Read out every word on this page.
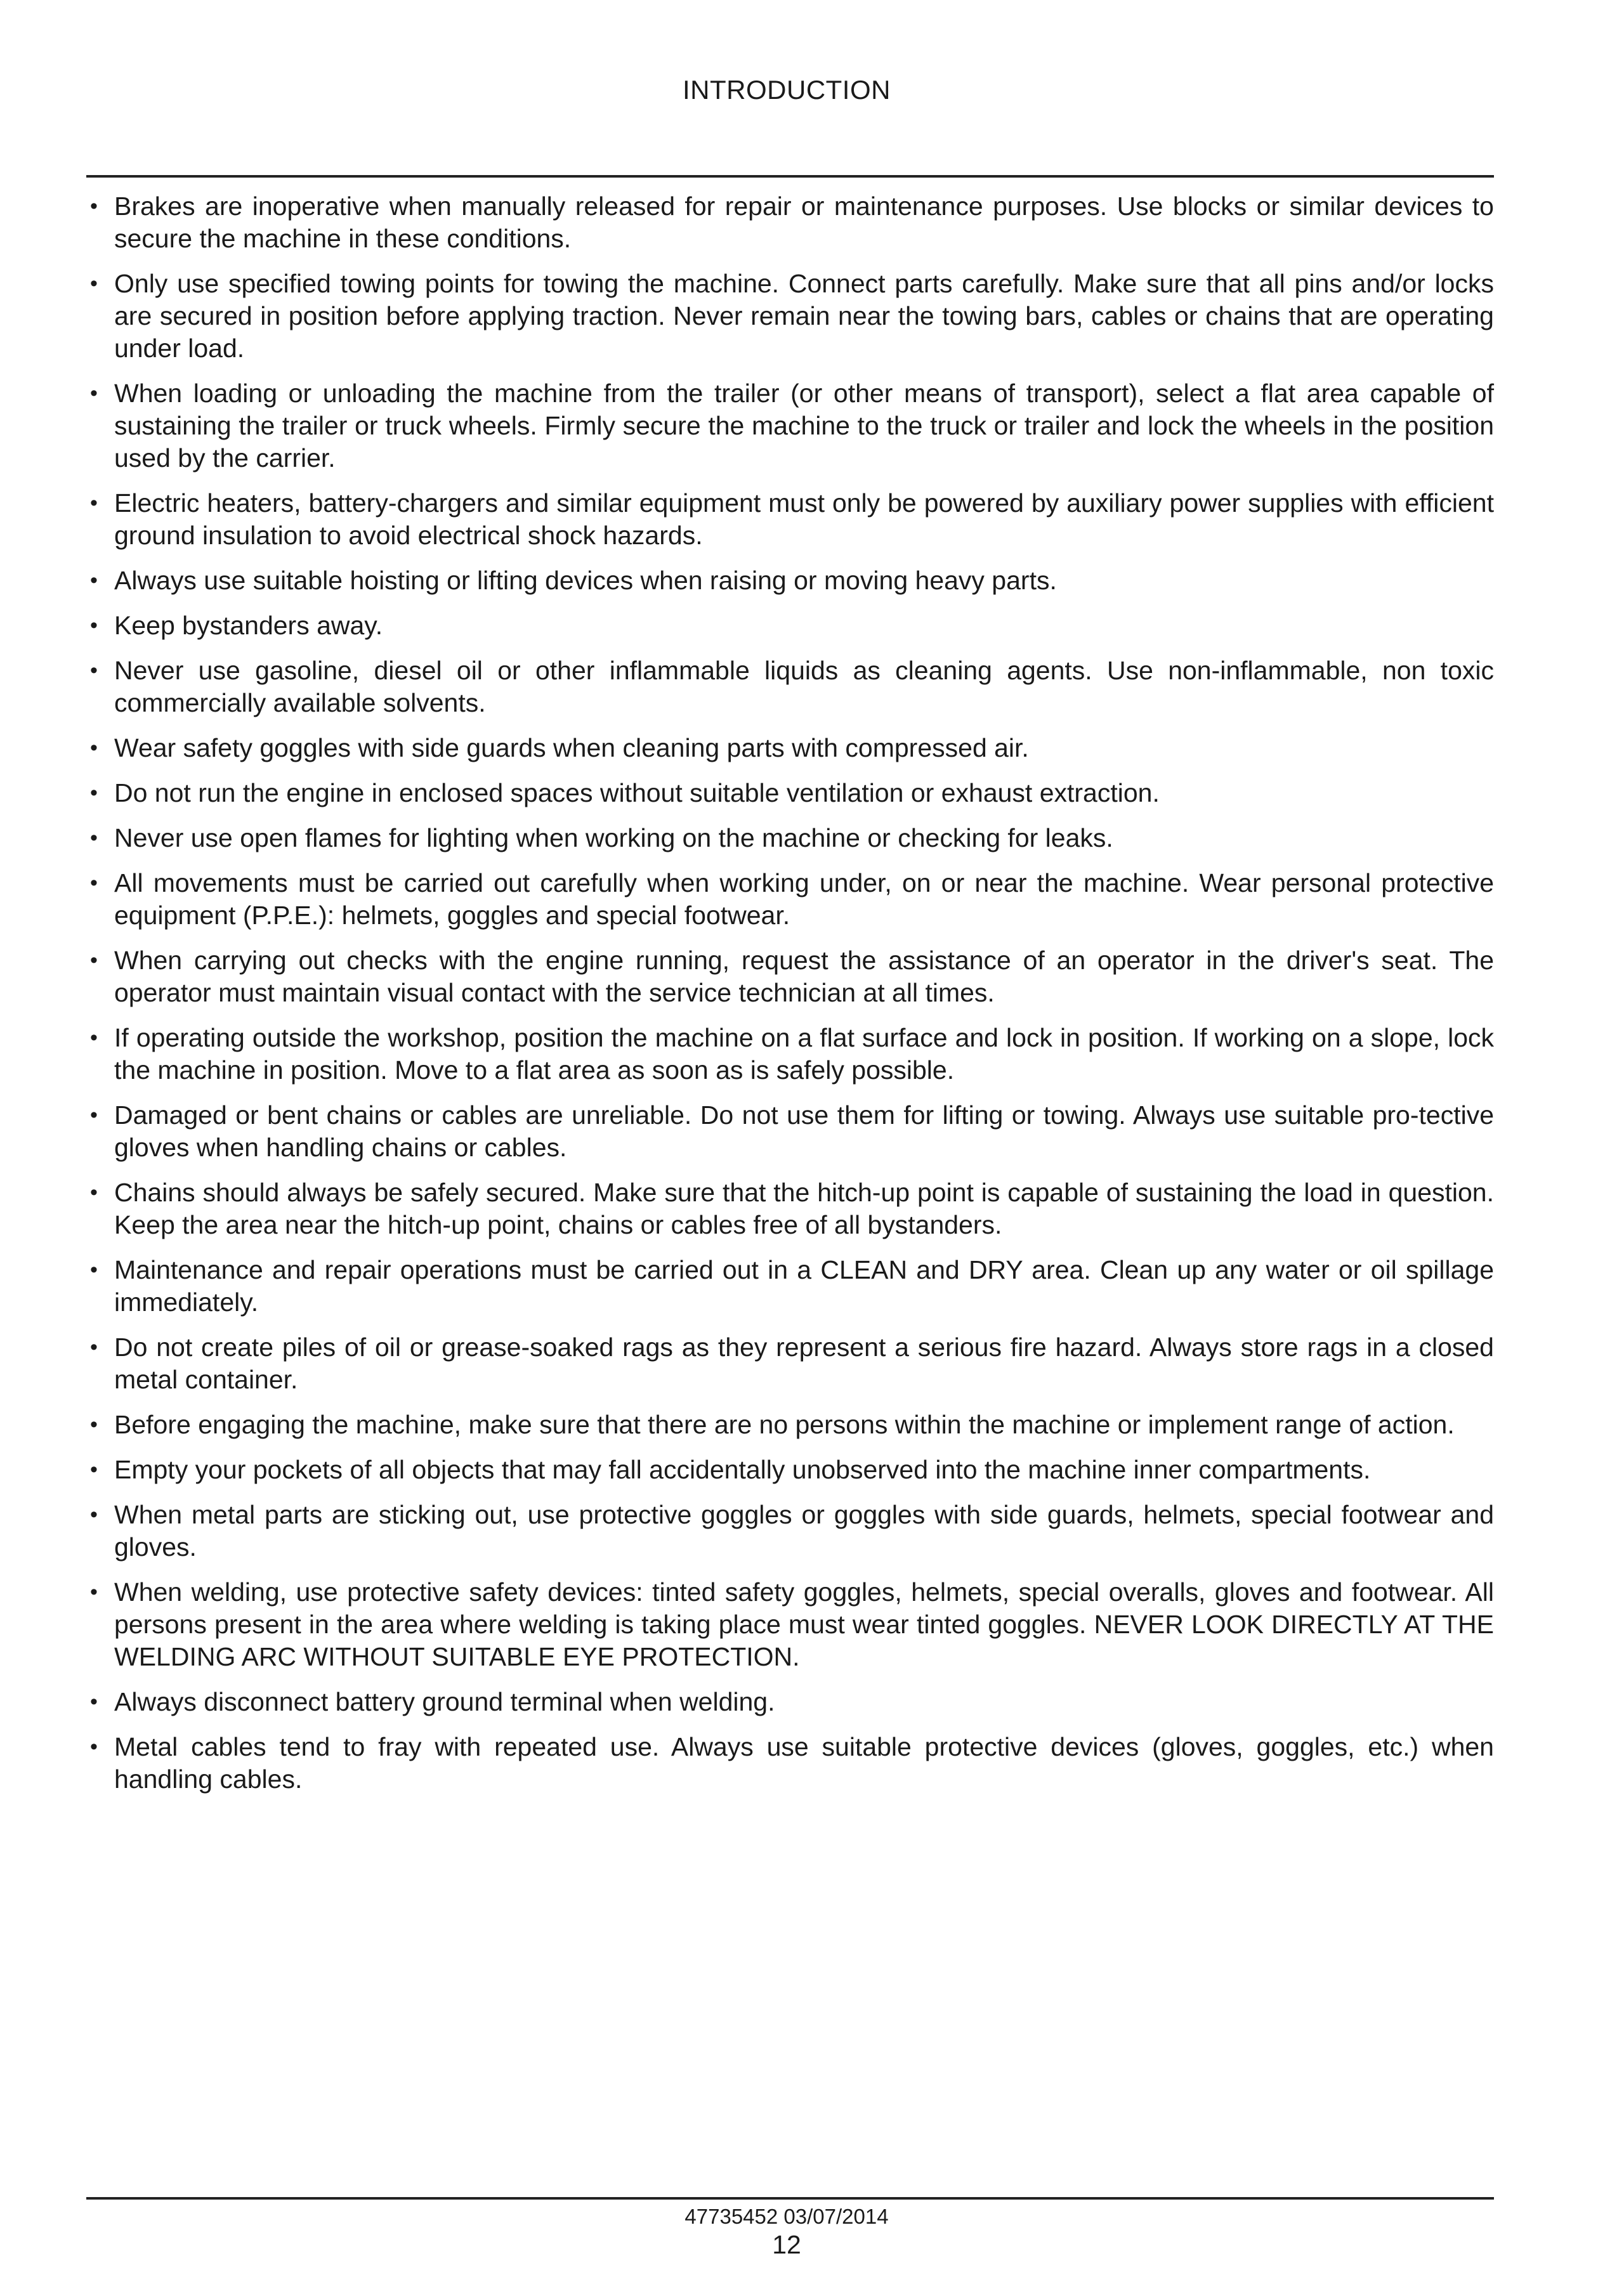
INTRODUCTION
• Brakes are inoperative when manually released for repair or maintenance purposes. Use blocks or similar devices to secure the machine in these conditions.
• Only use specified towing points for towing the machine. Connect parts carefully. Make sure that all pins and/or locks are secured in position before applying traction. Never remain near the towing bars, cables or chains that are operating under load.
• When loading or unloading the machine from the trailer (or other means of transport), select a flat area capable of sustaining the trailer or truck wheels. Firmly secure the machine to the truck or trailer and lock the wheels in the position used by the carrier.
• Electric heaters, battery-chargers and similar equipment must only be powered by auxiliary power supplies with efficient ground insulation to avoid electrical shock hazards.
• Always use suitable hoisting or lifting devices when raising or moving heavy parts.
• Keep bystanders away.
• Never use gasoline, diesel oil or other inflammable liquids as cleaning agents. Use non-inflammable, non toxic commercially available solvents.
• Wear safety goggles with side guards when cleaning parts with compressed air.
• Do not run the engine in enclosed spaces without suitable ventilation or exhaust extraction.
• Never use open flames for lighting when working on the machine or checking for leaks.
• All movements must be carried out carefully when working under, on or near the machine. Wear personal protective equipment (P.P.E.): helmets, goggles and special footwear.
• When carrying out checks with the engine running, request the assistance of an operator in the driver's seat. The operator must maintain visual contact with the service technician at all times.
• If operating outside the workshop, position the machine on a flat surface and lock in position. If working on a slope, lock the machine in position. Move to a flat area as soon as is safely possible.
• Damaged or bent chains or cables are unreliable. Do not use them for lifting or towing. Always use suitable pro-tective gloves when handling chains or cables.
• Chains should always be safely secured. Make sure that the hitch-up point is capable of sustaining the load in question. Keep the area near the hitch-up point, chains or cables free of all bystanders.
• Maintenance and repair operations must be carried out in a CLEAN and DRY area. Clean up any water or oil spillage immediately.
• Do not create piles of oil or grease-soaked rags as they represent a serious fire hazard. Always store rags in a closed metal container.
• Before engaging the machine, make sure that there are no persons within the machine or implement range of action.
• Empty your pockets of all objects that may fall accidentally unobserved into the machine inner compartments.
• When metal parts are sticking out, use protective goggles or goggles with side guards, helmets, special footwear and gloves.
• When welding, use protective safety devices: tinted safety goggles, helmets, special overalls, gloves and footwear. All persons present in the area where welding is taking place must wear tinted goggles. NEVER LOOK DIRECTLY AT THE WELDING ARC WITHOUT SUITABLE EYE PROTECTION.
• Always disconnect battery ground terminal when welding.
• Metal cables tend to fray with repeated use. Always use suitable protective devices (gloves, goggles, etc.) when handling cables.
47735452 03/07/2014
12
